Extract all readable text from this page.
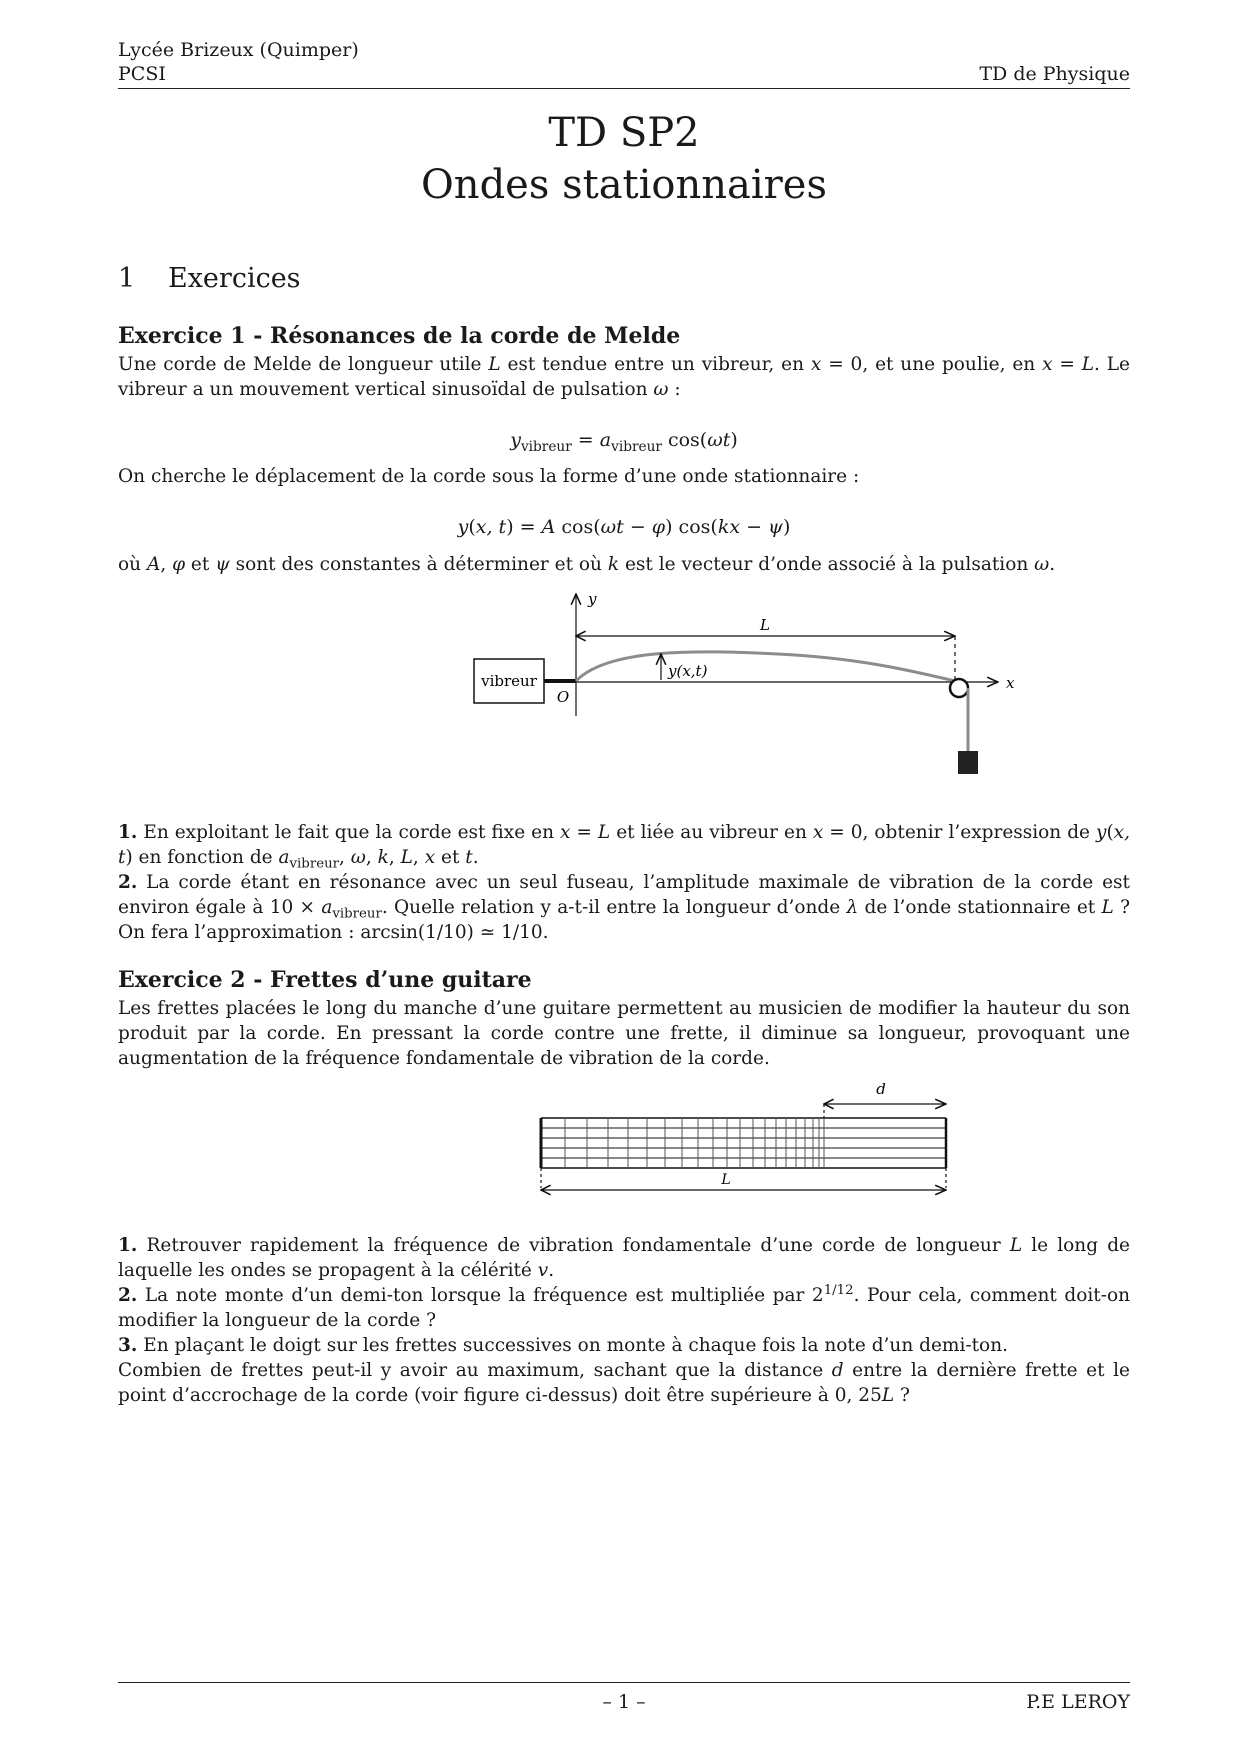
Lycée Brizeux (Quimper)
PCSI	TD de Physique
TD SP2
Ondes stationnaires
1 Exercices
Exercice 1 - Résonances de la corde de Melde

Une corde de Melde de longueur utile L est tendue entre un vibreur, en x = 0, et une poulie, en x = L. Le vibreur a un mouvement vertical sinusoïdal de pulsation ω :

$y_{vibreur} = a_{vibreur}$ cos(ωt)

On cherche le déplacement de la corde sous la forme d’une onde stationnaire :

y(x, t) = A cos(ωt − φ) cos(kx − ψ)

où A, φ et ψ sont des constantes à déterminer et où k est le vecteur d’onde associé à la pulsation ω.

vibreur
y
x
O
L
y(x,t)

1. En exploitant le fait que la corde est fixe en x = L et liée au vibreur en x = 0, obtenir l’expression de y(x, t) en fonction de $a_{vibreur}$, ω, k, L, x et t.

2. La corde étant en résonance avec un seul fuseau, l’amplitude maximale de vibration de la corde est environ égale à $10 \times a_{vibreur}$. Quelle relation y a-t-il entre la longueur d’onde λ de l’onde stationnaire et L ? On fera l’approximation : arcsin(1/10) ≃ 1/10.

Exercice 2 - Frettes d’une guitare
Les frettes placées le long du manche d’une guitare permettent au musicien de modifier la hauteur du son produit par la corde. En pressant la corde contre une frette, il diminue sa longueur, provoquant une augmentation de la fréquence fondamentale de vibration de la corde.
d
L

1. Retrouver rapidement la fréquence de vibration fondamentale d’une corde de longueur L le long de laquelle les ondes se propagent à la célérité v.

2. La note monte d’un demi-ton lorsque la fréquence est multipliée par $2^{1/12}$. Pour cela, comment doit-on modifier la longueur de la corde ?

3. En plaçant le doigt sur les frettes successives on monte à chaque fois la note d’un demi-ton.

Combien de frettes peut-il y avoir au maximum, sachant que la distance d entre la dernière frette et le point d’accrochage de la corde (voir figure ci-dessus) doit être supérieure à 0, 25L ?

– 1 –	P.E LEROY
